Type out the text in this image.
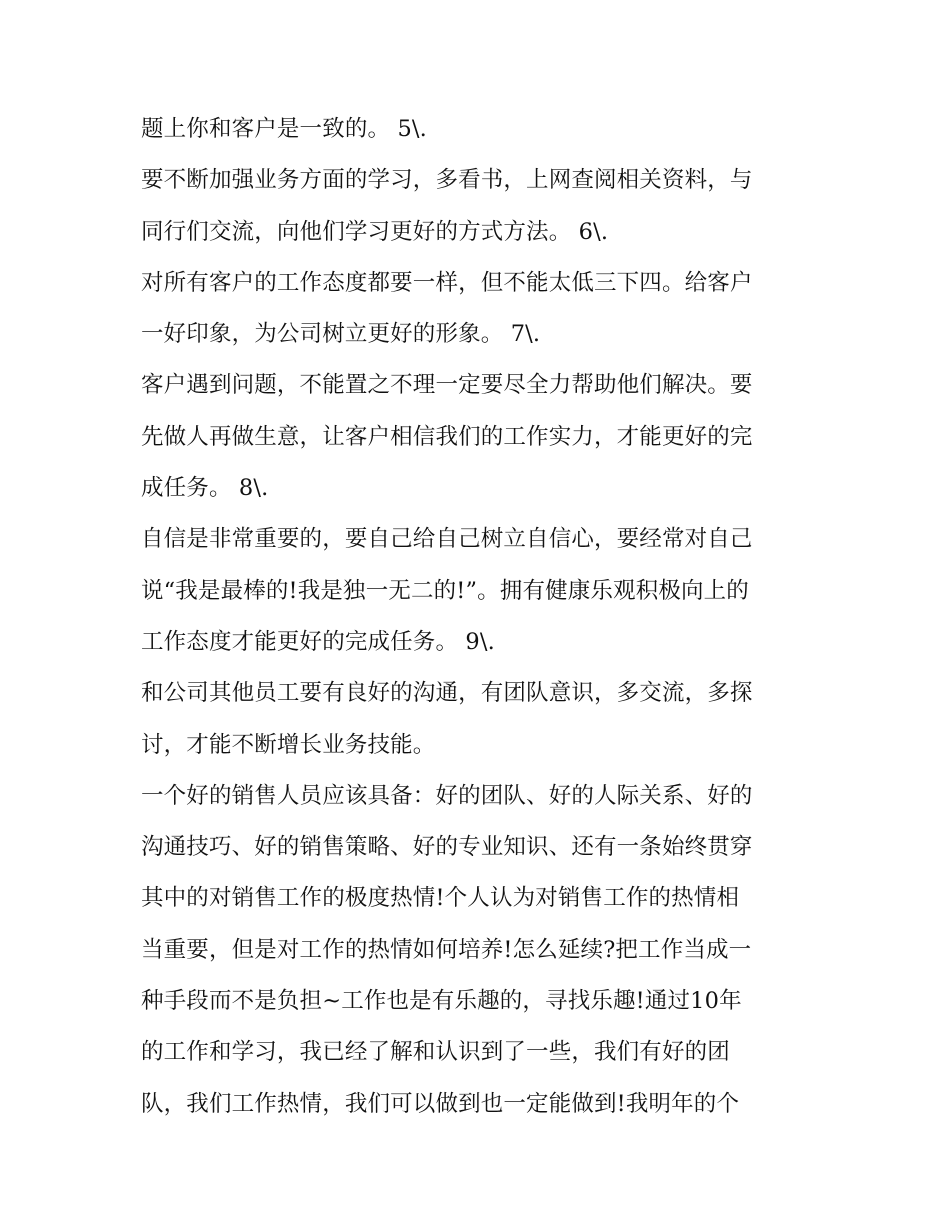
题上你和客户是一致的。 5\.
要不断加强业务方面的学习，多看书，上网查阅相关资料，与
同行们交流，向他们学习更好的方式方法。 6\.
对所有客户的工作态度都要一样，但不能太低三下四。给客户
一好印象，为公司树立更好的形象。 7\.
客户遇到问题，不能置之不理一定要尽全力帮助他们解决。要
先做人再做生意，让客户相信我们的工作实力，才能更好的完
成任务。 8\.
自信是非常重要的，要自己给自己树立自信心，要经常对自己
说“我是最棒的!我是独一无二的!”。拥有健康乐观积极向上的
工作态度才能更好的完成任务。 9\.
和公司其他员工要有良好的沟通，有团队意识，多交流，多探
讨，才能不断增长业务技能。
一个好的销售人员应该具备：好的团队、好的人际关系、好的
沟通技巧、好的销售策略、好的专业知识、还有一条始终贯穿
其中的对销售工作的极度热情!个人认为对销售工作的热情相
当重要，但是对工作的热情如何培养!怎么延续?把工作当成一
种手段而不是负担~工作也是有乐趣的，寻找乐趣!通过10年
的工作和学习，我已经了解和认识到了一些，我们有好的团
队，我们工作热情，我们可以做到也一定能做到!我明年的个
